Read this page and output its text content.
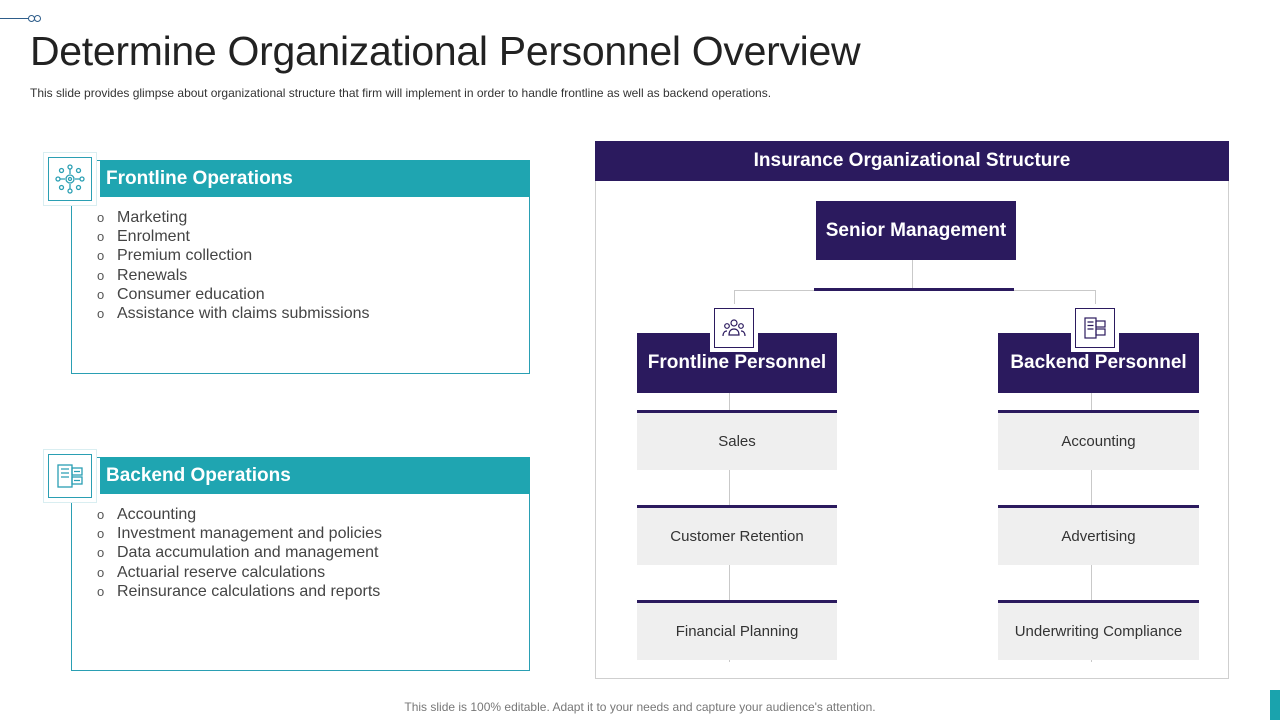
Determine Organizational Personnel Overview
This slide provides glimpse about organizational structure that firm will implement in order to handle frontline as well as backend operations.
Frontline Operations
o Marketing
o Enrolment
o Premium collection
o Renewals
o Consumer education
o Assistance with claims submissions
Backend Operations
o Accounting
o Investment management and policies
o Data accumulation and management
o Actuarial reserve calculations
o Reinsurance calculations and reports
Insurance Organizational Structure
Senior Management
Frontline Personnel	Backend Personnel
Sales
Customer Retention
Financial Planning
Accounting
Advertising
Underwriting Compliance
This slide is 100% editable. Adapt it to your needs and capture your audience's attention.
